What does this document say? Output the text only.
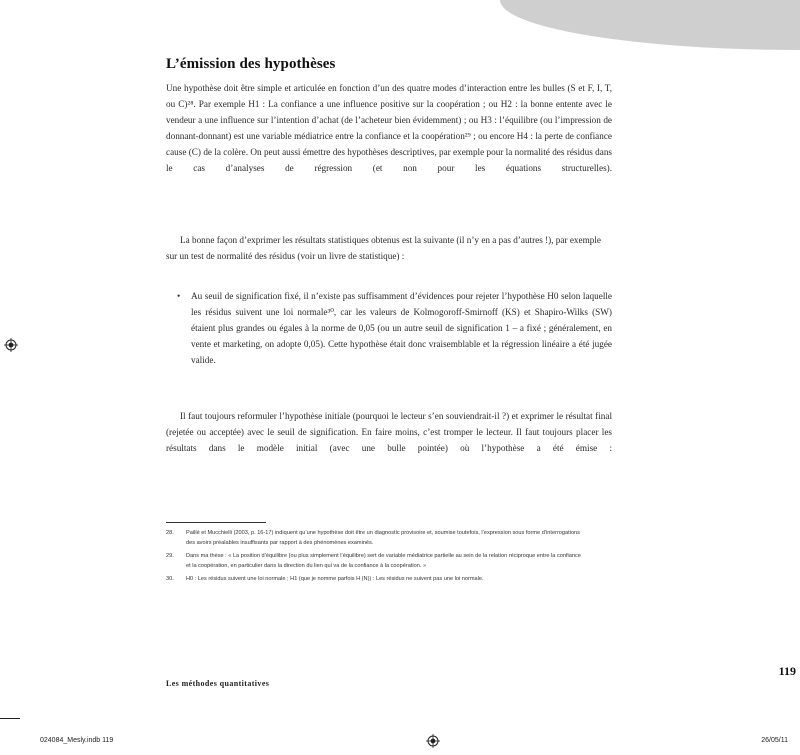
L’émission des hypothèses

Une hypothèse doit être simple et articulée en fonction d’un des quatre modes d’interaction entre les bulles (S et F, I, T, ou C)²⁸. Par exemple H1 : La confiance a une influence positive sur la coopération ; ou H2 : la bonne entente avec le vendeur a une influence sur l’intention d’achat (de l’acheteur bien évidemment) ; ou H3 : l’équilibre (ou l’impression de donnant-donnant) est une variable médiatrice entre la confiance et la coopération²⁹ ; ou encore H4 : la perte de confiance cause (C) de la colère. On peut aussi émettre des hypothèses descriptives, par exemple pour la normalité des résidus dans le cas d’analyses de régression (et non pour les équations structurelles).

La bonne façon d’exprimer les résultats statistiques obtenus est la suivante (il n’y en a pas d’autres !), par exemple sur un test de normalité des résidus (voir un livre de statistique) :

• Au seuil de signification fixé, il n’existe pas suffisamment d’évidences pour rejeter l’hypothèse H0 selon laquelle les résidus suivent une loi normale³⁰, car les valeurs de Kolmogoroff-Smirnoff (KS) et Shapiro-Wilks (SW) étaient plus grandes ou égales à la norme de 0,05 (ou un autre seuil de signification 1 – a fixé ; généralement, en vente et marketing, on adopte 0,05). Cette hypothèse était donc vraisemblable et la régression linéaire a été jugée valide.

Il faut toujours reformuler l’hypothèse initiale (pourquoi le lecteur s’en souviendrait-il ?) et exprimer le résultat final (rejetée ou acceptée) avec le seuil de signification. En faire moins, c’est tromper le lecteur. Il faut toujours placer les résultats dans le modèle initial (avec une bulle pointée) où l’hypothèse a été émise :

28.	Paillé et Mucchielli (2003, p. 16-17) indiquent qu’une hypothèse doit être un diagnostic provisoire et, soumise toutefois, l’expression sous forme d’interrogations des avoirs préalables insuffisants par rapport à des phénomènes examinés.
29.	Dans ma thèse : « La position d’équilibre (ou plus simplement l’équilibre) sert de variable médiatrice partielle au sein de la relation réciproque entre la confiance et la coopération, en particulier dans la direction du lien qui va de la confiance à la coopération. »
30.	H0 : Les résidus suivent une loi normale ; H1 (que je nomme parfois H (N)) : Les résidus ne suivent pas une loi normale.
119
Les méthodes quantitatives
024084_Mesly.indb 119	26/05/11
